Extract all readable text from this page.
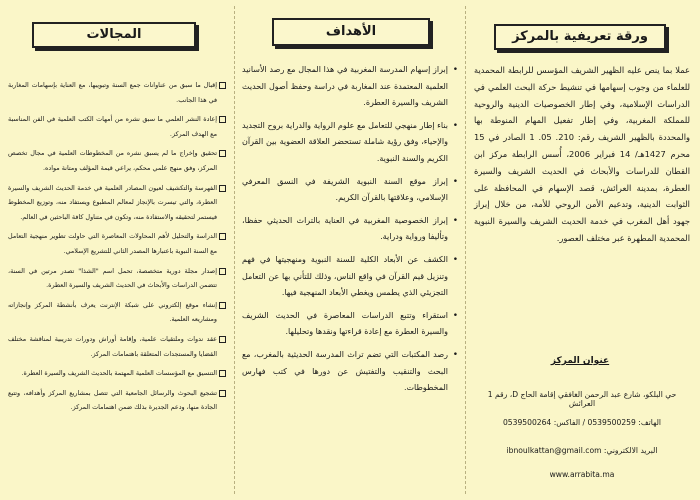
ورقة تعريفية بالمركز

عملا بما ينص عليه الظهير الشريف المؤسس للرابطة المحمدية للعلماء من وجوب إسهامها في تنشيط حركة البحث العلمي في الدراسات الإسلامية، وفي إطار الخصوصيات الدينية والروحية للمملكة المغربية، وفي إطار تفعيل المهام المنوطة بها والمحددة بالظهير الشريف رقم: 210. 05. 1 الصادر في 15 محرم 1427هـ/ 14 فبراير 2006، أُسس الرابطة مركز ابن القطان للدراسات والأبحاث في الحديث الشريف والسيرة العطرة، بمدينة العرائش، قصد الإسهام في المحافظة على الثوابت الدينية، وتدعيم الأمن الروحي للأمة، من خلال إبراز جهود أهل المغرب في خدمة الحديث الشريف والسيرة النبوية المحمدية المطهرة عبر مختلف العصور.

عنوان المركز
حي البلكو، شارع عبد الرحمن الغافقي إقامة الحاج D، رقم 1 العرائش
الهاتف: 0539500259 / الفاكس: 0539500264
البريد الالكتروني: ibnoulkattan@gmail.com
www.arrabita.ma
الأهداف
• إبراز إسهام المدرسة المغربية في هذا المجال مع رصد الأسانيد العلمية المعتمدة عند المغاربة في دراسة وحفظ أصول الحديث الشريف والسيرة العطرة.
• بناء إطار منهجي للتعامل مع علوم الرواية والدراية بروح التجديد والإحياء، وفق رؤية شاملة تستحضر العلاقة العضوية بين القرآن الكريم والسنة النبوية.
• إبراز موقع السنة النبوية الشريفة في النسق المعرفي الإسلامي، وعلاقتها بالقرآن الكريم.
• إبراز الخصوصية المغربية في العناية بالتراث الحديثي حفظا، وتأليفا ورواية ودراية.
• الكشف عن الأبعاد الكلية للسنة النبوية ومنهجيتها في فهم وتنزيل قيم القرآن في واقع الناس، وذلك للتأني بها عن التعامل التجزيئي الذي يطمس ويغطي الأبعاد المنهجية فيها.
• استقراء وتتبع الدراسات المعاصرة في الحديث الشريف والسيرة العطرة مع إعادة قراءتها ونقدها وتحليلها.
• رصد المكتبات التي تضم تراث المدرسة الحديثية بالمغرب، مع البحث والتنقيب والتفتيش عن دورها في كتب فهارس المخطوطات.
المجالات
إقبال ما سبق من عناوانات جمع السنة وتبويبها، مع العناية بإسهامات المغاربة في هذا الجانب.
إعادة النشر العلمي ما سبق نشره من أمهات الكتب العلمية في الفن المناسبة مع الهدف المركز.
تحقيق وإخراج ما لم يسبق نشره من المخطوطات العلمية في مجال تخصص المركز، وفق منهج علمي محكم، يراعي قيمة المؤلف ومتانة مواده.
الفهرسة والتكشيف لعيون المصادر العلمية في خدمة الحديث الشريف والسيرة العطرة، والتي تيسرت بالإنجاز لمعالم المطبوع ويستفاد منه، وتوزيع المخطوط فيستمر لتحقيقه والاستفادة منه، وتكون في متناول كافة الباحثين في العالم.
الدراسة والتحليل لأهم المحاولات المعاصرة التي حاولت تطوير منهجية التعامل مع السنة النبوية باعتبارها المصدر الثاني للتشريع الإسلامي.
إصدار مجلة دورية متخصصة، تحمل اسم "الشذا" تصدر مرتين في السنة، تتضمن الدراسات والأبحاث في الحديث الشريف والسيرة العطرة.
إنشاء موقع إلكتروني على شبكة الإنترنت يعرف بأنشطة المركز وإنجازاته ومشاريعه العلمية.
عقد ندوات وملتقيات علمية، وإقامة أوراش ودورات تدريبية لمناقشة مختلف القضايا والمستجدات المتعلقة باهتمامات المركز.
التنسيق مع المؤسسات العلمية المهتمة بالحديث الشريف والسيرة العطرة.
تشجيع البحوث والرسائل الجامعية التي تتصل بمشاريع المركز وأهدافه، وتتبع الجادة منها، ودعم الجديرة بذلك ضمن اهتمامات المركز.
